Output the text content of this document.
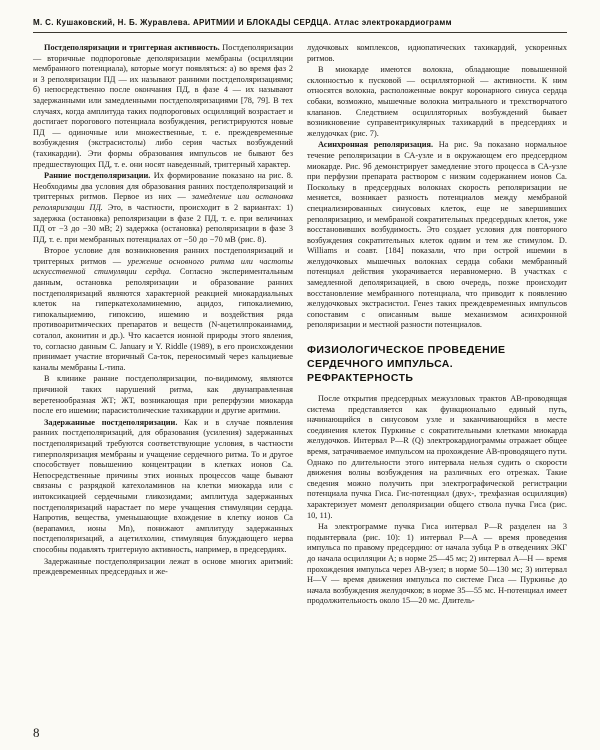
М. С. Кушаковский, Н. Б. Журавлева. АРИТМИИ И БЛОКАДЫ СЕРДЦА. Атлас электрокардиограмм

Постдеполяризации и триггерная активность. Постдеполяризации — вторичные подпороговые деполяризации мембраны (осцилляции мембранного потенциала), которые могут появляться: а) во время фаз 2 и 3 реполяризации ПД — их называют ранними постдеполяризациями; б) непосредственно после окончания ПД, в фазе 4 — их называют задержанными или замедленными постдеполяризациями [78, 79]. В тех случаях, когда амплитуда таких подпороговых осцилляций возрастает и достигает порогового потенциала возбуждения, регистрируются новые ПД — одиночные или множественные, т. е. преждевременные возбуждения (экстрасистолы) либо серия частых возбуждений (тахикардии). Эти формы образования импульсов не бывают без предшествующих ПД, т. е. они носят наведенный, триггерный характер.

Ранние постдеполяризации. Их формирование показано на рис. 8. Необходимы два условия для образования ранних постдеполяризаций и триггерных ритмов. Первое из них — замедление или остановка реполяризации ПД. Это, в частности, происходит в 2 вариантах: 1) задержка (остановка) реполяризации в фазе 2 ПД, т. е. при величинах ПД от −3 до −30 мВ; 2) задержка (остановка) реполяризации в фазе 3 ПД, т. е. при мембранных потенциалах от −50 до −70 мВ (рис. 8).

Второе условие для возникновения ранних постдеполяризаций и триггерных ритмов — урежение основного ритма или частоты искусственной стимуляции сердца. Согласно экспериментальным данным, остановка реполяризации и образование ранних постдеполяризаций являются характерной реакцией миокардиальных клеток на гиперкатехоламинемию, ацидоз, гипокалиемию, гипокальциемию, гипоксию, ишемию и воздействия ряда противоаритмических препаратов и веществ (N-ацетилпрокаинамид, соталол, аконитин и др.). Что касается ионной природы этого явления, то, согласно данным C. January и Y. Riddle (1989), в его происхождении принимает участие вторичный Са-ток, переносимый через кальциевые каналы мембраны L-типа.

В клинике ранние постдеполяризации, по-видимому, являются причиной таких нарушений ритма, как двунаправленная веретенообразная ЖТ; ЖТ, возникающая при реперфузии миокарда после его ишемии; парасистолические тахикардии и другие аритмии.

Задержанные постдеполяризации. Как и в случае появления ранних постдеполяризаций, для образования (усиления) задержанных постдеполяризаций требуются соответствующие условия, в частности гиперполяризация мембраны и учащение сердечного ритма. То и другое способствует повышению концентрации в клетках ионов Са. Непосредственные причины этих ионных процессов чаще бывают связаны с разрядкой катехоламинов на клетки миокарда или с интоксикацией сердечными гликозидами; амплитуда задержанных постдеполяризаций нарастает по мере учащения стимуляции сердца. Напротив, вещества, уменьшающие вхождение в клетку ионов Са (верапамил, ионы Mn), понижают амплитуду задержанных постдеполяризаций, а ацетилхолин, стимуляция блуждающего нерва способны подавлять триггерную активность, например, в предсердиях.

Задержанные постдеполяризации лежат в основе многих аритмий: преждевременных предсердных и же-

лудочковых комплексов, идиопатических тахикардий, ускоренных ритмов.

В миокарде имеются волокна, обладающие повышенной склонностью к пусковой — осцилляторной — активности. К ним относятся волокна, расположенные вокруг коронарного синуса сердца собаки, возможно, мышечные волокна митрального и трехстворчатого клапанов. Следствием осцилляторных возбуждений бывает возникновение суправентрикулярных тахикардий в предсердиях и желудочках (рис. 7).

Асинхронная реполяризация. На рис. 9а показано нормальное течение реполяризации в СА-узле и в окружающем его предсердном миокарде. Рис. 9б демонстрирует замедление этого процесса в СА-узле при перфузии препарата раствором с низким содержанием ионов Са. Поскольку в предсердных волокнах скорость реполяризации не меняется, возникает разность потенциалов между мембраной специализированных синусовых клеток, еще не завершивших реполяризацию, и мембраной сократительных предсердных клеток, уже восстановивших возбудимость. Это создает условия для повторного возбуждения сократительных клеток одним и тем же стимулом. D. Williams и соавт. [184] показали, что при острой ишемии в желудочковых мышечных волокнах сердца собаки мембранный потенциал действия укорачивается неравномерно. В участках с замедленной деполяризацией, в свою очередь, позже происходит восстановление мембранного потенциала, что приводит к появлению желудочковых экстрасистол. Генез таких преждевременных импульсов сопоставим с описанным выше механизмом асинхронной реполяризации и местной разности потенциалов.

ФИЗИОЛОГИЧЕСКОЕ ПРОВЕДЕНИЕ
СЕРДЕЧНОГО ИМПУЛЬСА.
РЕФРАКТЕРНОСТЬ

После открытия предсердных межузловых трактов АВ-проводящая система представляется как функционально единый путь, начинающийся в синусовом узле и заканчивающийся в месте соединения клеток Пуркинье с сократительными клетками миокарда желудочков. Интервал P—R (Q) электрокардиограммы отражает общее время, затрачиваемое импульсом на прохождение АВ-проводящего пути. Однако по длительности этого интервала нельзя судить о скорости движения волны возбуждения на различных его отрезках. Такие сведения можно получить при электрографической регистрации потенциала пучка Гиса. Гис-потенциал (двух-, трехфазная осцилляция) характеризует момент деполяризации общего ствола пучка Гиса (рис. 10, 11).

На электрограмме пучка Гиса интервал P—R разделен на 3 подынтервала (рис. 10): 1) интервал P—A — время проведения импульса по правому предсердию: от начала зубца P в отведениях ЭКГ до начала осцилляции A; в норме 25—45 мс; 2) интервал A—H — время прохождения импульса через АВ-узел; в норме 50—130 мс; 3) интервал H—V — время движения импульса по системе Гиса — Пуркинье до начала возбуждения желудочков; в норме 35—55 мс. Н-потенциал имеет продолжительность около 15—20 мс. Длитель-

8
